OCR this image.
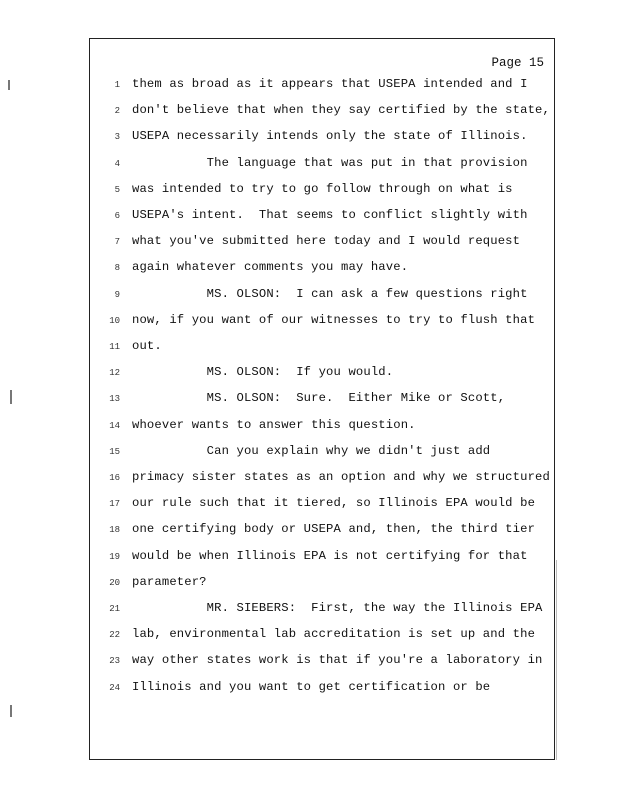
Page 15
1 them as broad as it appears that USEPA intended and I
2 don't believe that when they say certified by the state,
3 USEPA necessarily intends only the state of Illinois.
4 The language that was put in that provision
5 was intended to try to go follow through on what is
6 USEPA's intent.  That seems to conflict slightly with
7 what you've submitted here today and I would request
8 again whatever comments you may have.
9 MS. OLSON:  I can ask a few questions right
10 now, if you want of our witnesses to try to flush that
11 out.
12 MS. OLSON:  If you would.
13 MS. OLSON:  Sure.  Either Mike or Scott,
14 whoever wants to answer this question.
15 Can you explain why we didn't just add
16 primacy sister states as an option and why we structured
17 our rule such that it tiered, so Illinois EPA would be
18 one certifying body or USEPA and, then, the third tier
19 would be when Illinois EPA is not certifying for that
20 parameter?
21 MR. SIEBERS:  First, the way the Illinois EPA
22 lab, environmental lab accreditation is set up and the
23 way other states work is that if you're a laboratory in
24 Illinois and you want to get certification or be
